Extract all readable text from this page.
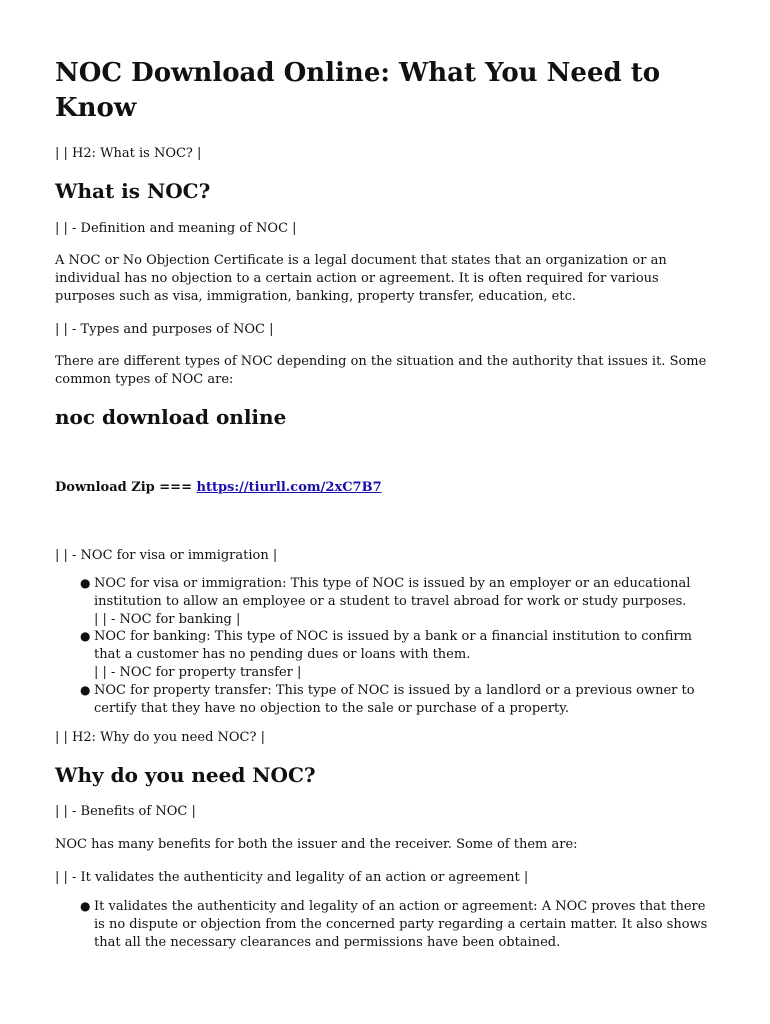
NOC Download Online: What You Need to Know

| | H2: What is NOC? |

What is NOC?

| | - Definition and meaning of NOC |

A NOC or No Objection Certificate is a legal document that states that an organization or an individual has no objection to a certain action or agreement. It is often required for various purposes such as visa, immigration, banking, property transfer, education, etc.

| | - Types and purposes of NOC |

There are different types of NOC depending on the situation and the authority that issues it. Some common types of NOC are:

noc download online

Download Zip === https://tiurll.com/2xC7B7

| | - NOC for visa or immigration |

● NOC for visa or immigration: This type of NOC is issued by an employer or an educational institution to allow an employee or a student to travel abroad for work or study purposes.
| | - NOC for banking |
● NOC for banking: This type of NOC is issued by a bank or a financial institution to confirm that a customer has no pending dues or loans with them.
| | - NOC for property transfer |
● NOC for property transfer: This type of NOC is issued by a landlord or a previous owner to certify that they have no objection to the sale or purchase of a property.

| | H2: Why do you need NOC? |

Why do you need NOC?

| | - Benefits of NOC |

NOC has many benefits for both the issuer and the receiver. Some of them are:

| | - It validates the authenticity and legality of an action or agreement |

● It validates the authenticity and legality of an action or agreement: A NOC proves that there is no dispute or objection from the concerned party regarding a certain matter. It also shows that all the necessary clearances and permissions have been obtained.
